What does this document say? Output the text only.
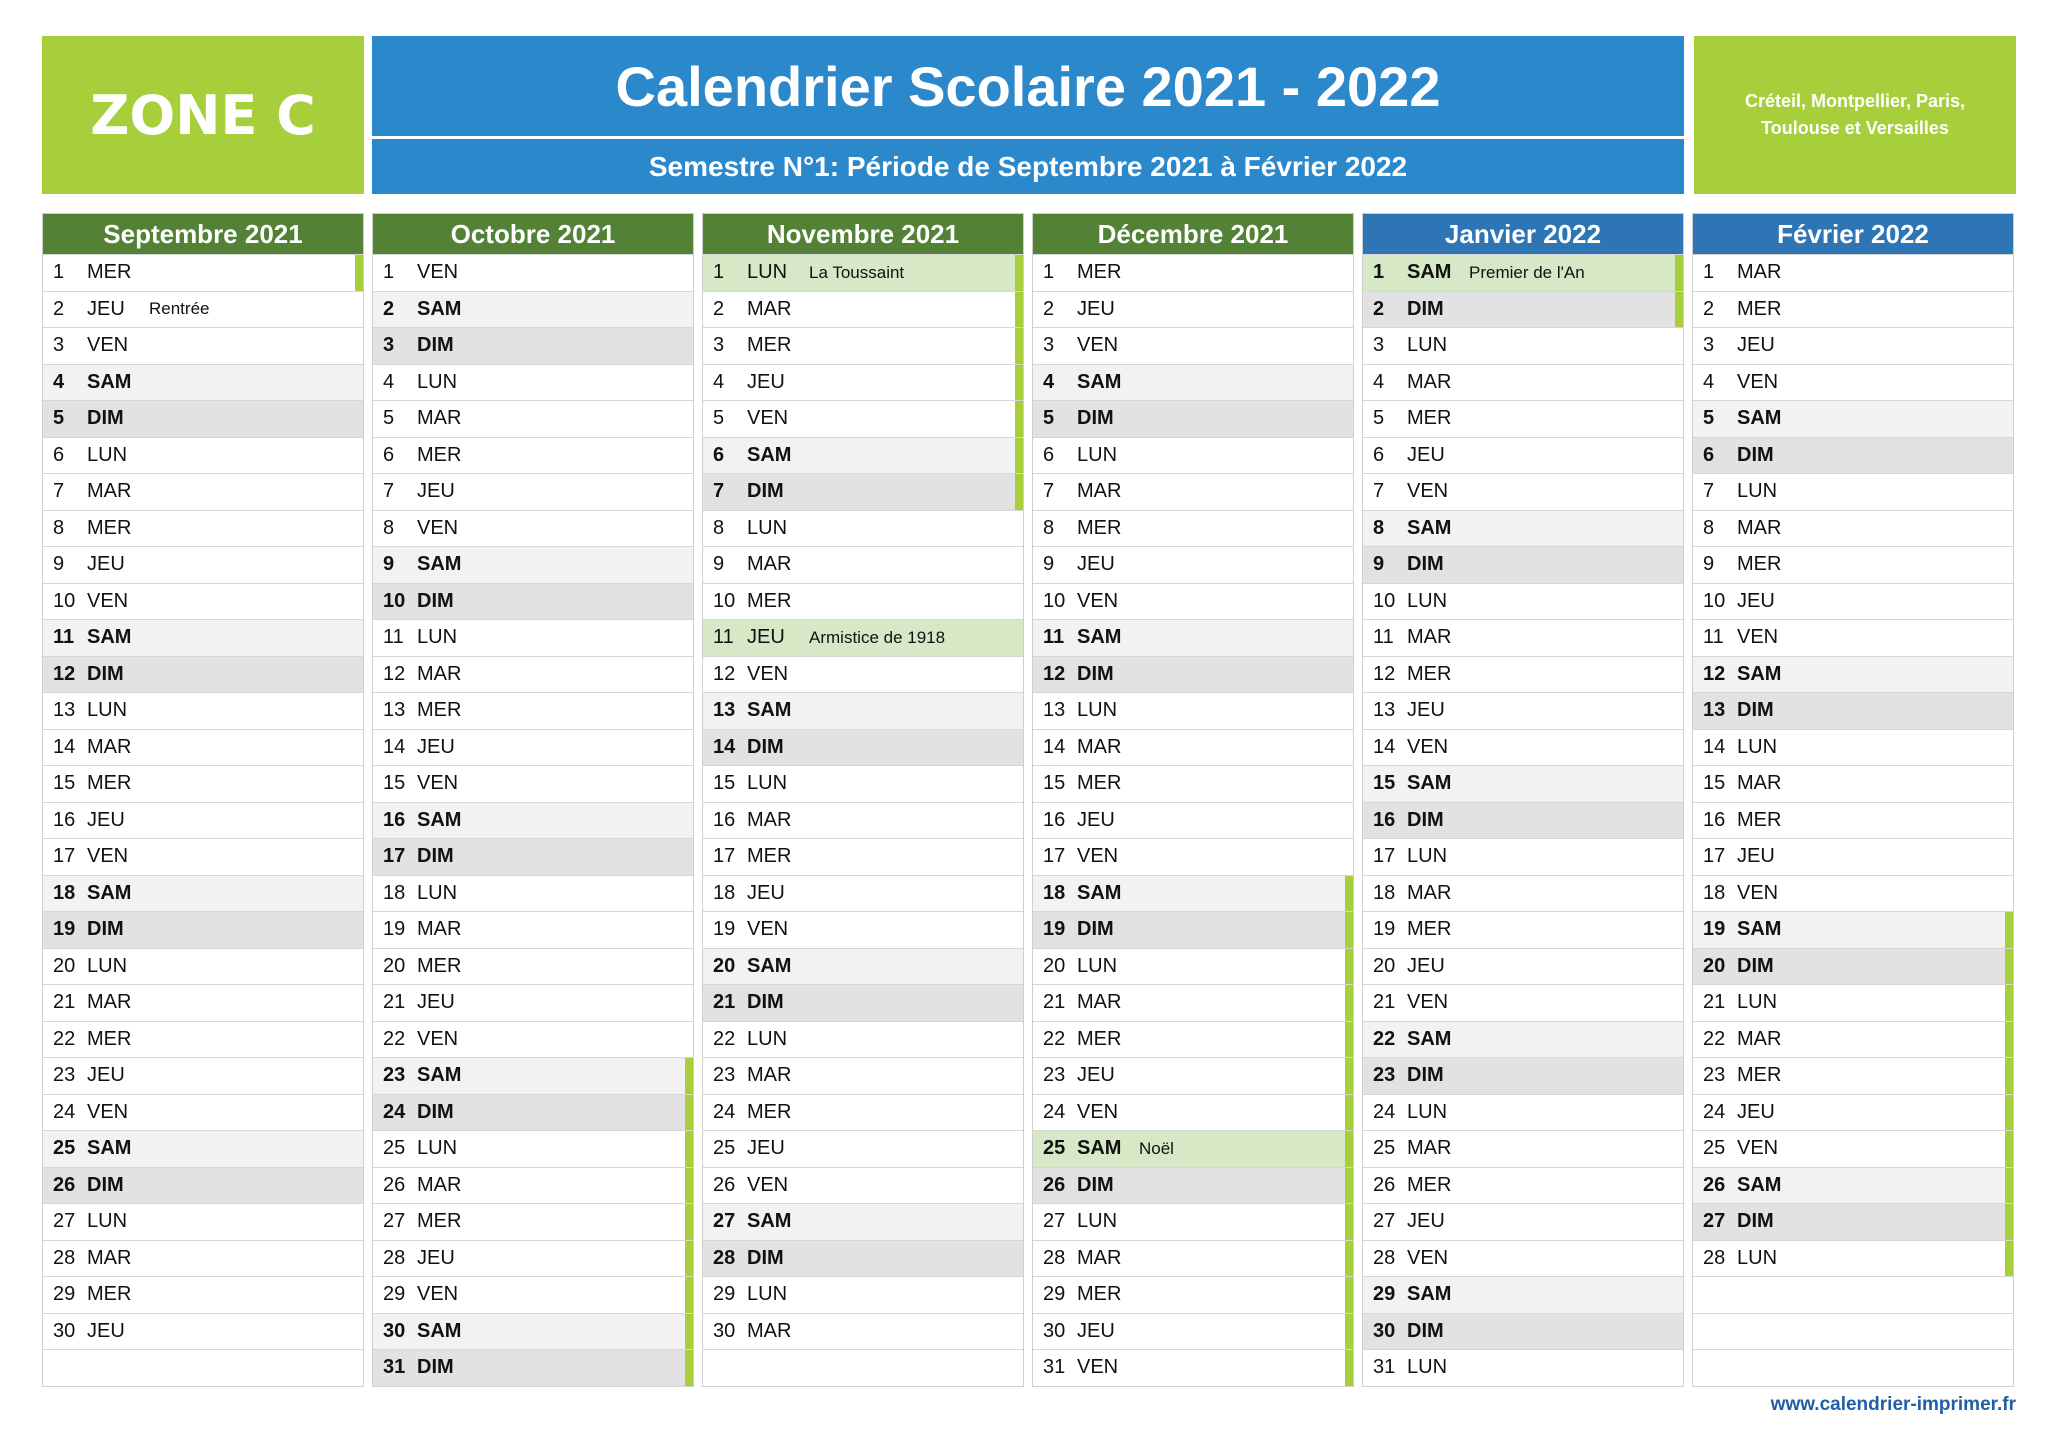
ZONE C	Calendrier Scolaire 2021 - 2022
Semestre N°1: Période de Septembre 2021 à Février 2022
Créteil, Montpellier, Paris,
Toulouse et Versailles
Septembre 2021
1	MER
2	JEU	Rentrée
3	VEN
4	SAM
5	DIM
6	LUN
7	MAR
8	MER
9	JEU
10 VEN
11 SAM
12 DIM
13 LUN
14 MAR
15 MER
16 JEU
17 VEN
18 SAM
19 DIM
20 LUN
21 MAR
22 MER
23 JEU
24 VEN
25 SAM
26 DIM
27 LUN
28 MAR
29 MER
30 JEU
Octobre 2021
1	VEN
2	SAM
3	DIM
4	LUN
5	MAR
6	MER
7	JEU
8	VEN
9	SAM
10 DIM
11 LUN
12 MAR
13 MER
14 JEU
15 VEN
16 SAM
17 DIM
18 LUN
19 MAR
20 MER
21 JEU
22 VEN
23 SAM
24 DIM
25 LUN
26 MAR
27 MER
28 JEU
29 VEN
30 SAM
31 DIM
Novembre 2021
1	LUN	La Toussaint
2	MAR
3	MER
4	JEU
5	VEN
6	SAM
7	DIM
8	LUN
9	MAR
10 MER
11 JEU	Armistice de 1918
12 VEN
13 SAM
14 DIM
15 LUN
16 MAR
17 MER
18 JEU
19 VEN
20 SAM
21 DIM
22 LUN
23 MAR
24 MER
25 JEU
26 VEN
27 SAM
28 DIM
29 LUN
30 MAR
Décembre 2021
1	MER
2	JEU
3	VEN
4	SAM
5	DIM
6	LUN
7	MAR
8	MER
9	JEU
10 VEN
11 SAM
12 DIM
13 LUN
14 MAR
15 MER
16 JEU
17 VEN
18 SAM
19 DIM
20 LUN
21 MAR
22 MER
23 JEU
24 VEN
25 SAM	Noël
26 DIM
27 LUN
28 MAR
29 MER
30 JEU
31 VEN
Janvier 2022
1	SAM	Premier de l'An
2	DIM
3	LUN
4	MAR
5	MER
6	JEU
7	VEN
8	SAM
9	DIM
10 LUN
11 MAR
12 MER
13 JEU
14 VEN
15 SAM
16 DIM
17 LUN
18 MAR
19 MER
20 JEU
21 VEN
22 SAM
23 DIM
24 LUN
25 MAR
26 MER
27 JEU
28 VEN
29 SAM
30 DIM
31 LUN
Février 2022
1	MAR
2	MER
3	JEU
4	VEN
5	SAM
6	DIM
7	LUN
8	MAR
9	MER
10 JEU
11 VEN
12 SAM
13 DIM
14 LUN
15 MAR
16 MER
17 JEU
18 VEN
19 SAM
20 DIM
21 LUN
22 MAR
23 MER
24 JEU
25 VEN
26 SAM
27 DIM
28 LUN
www.calendrier-imprimer.fr
